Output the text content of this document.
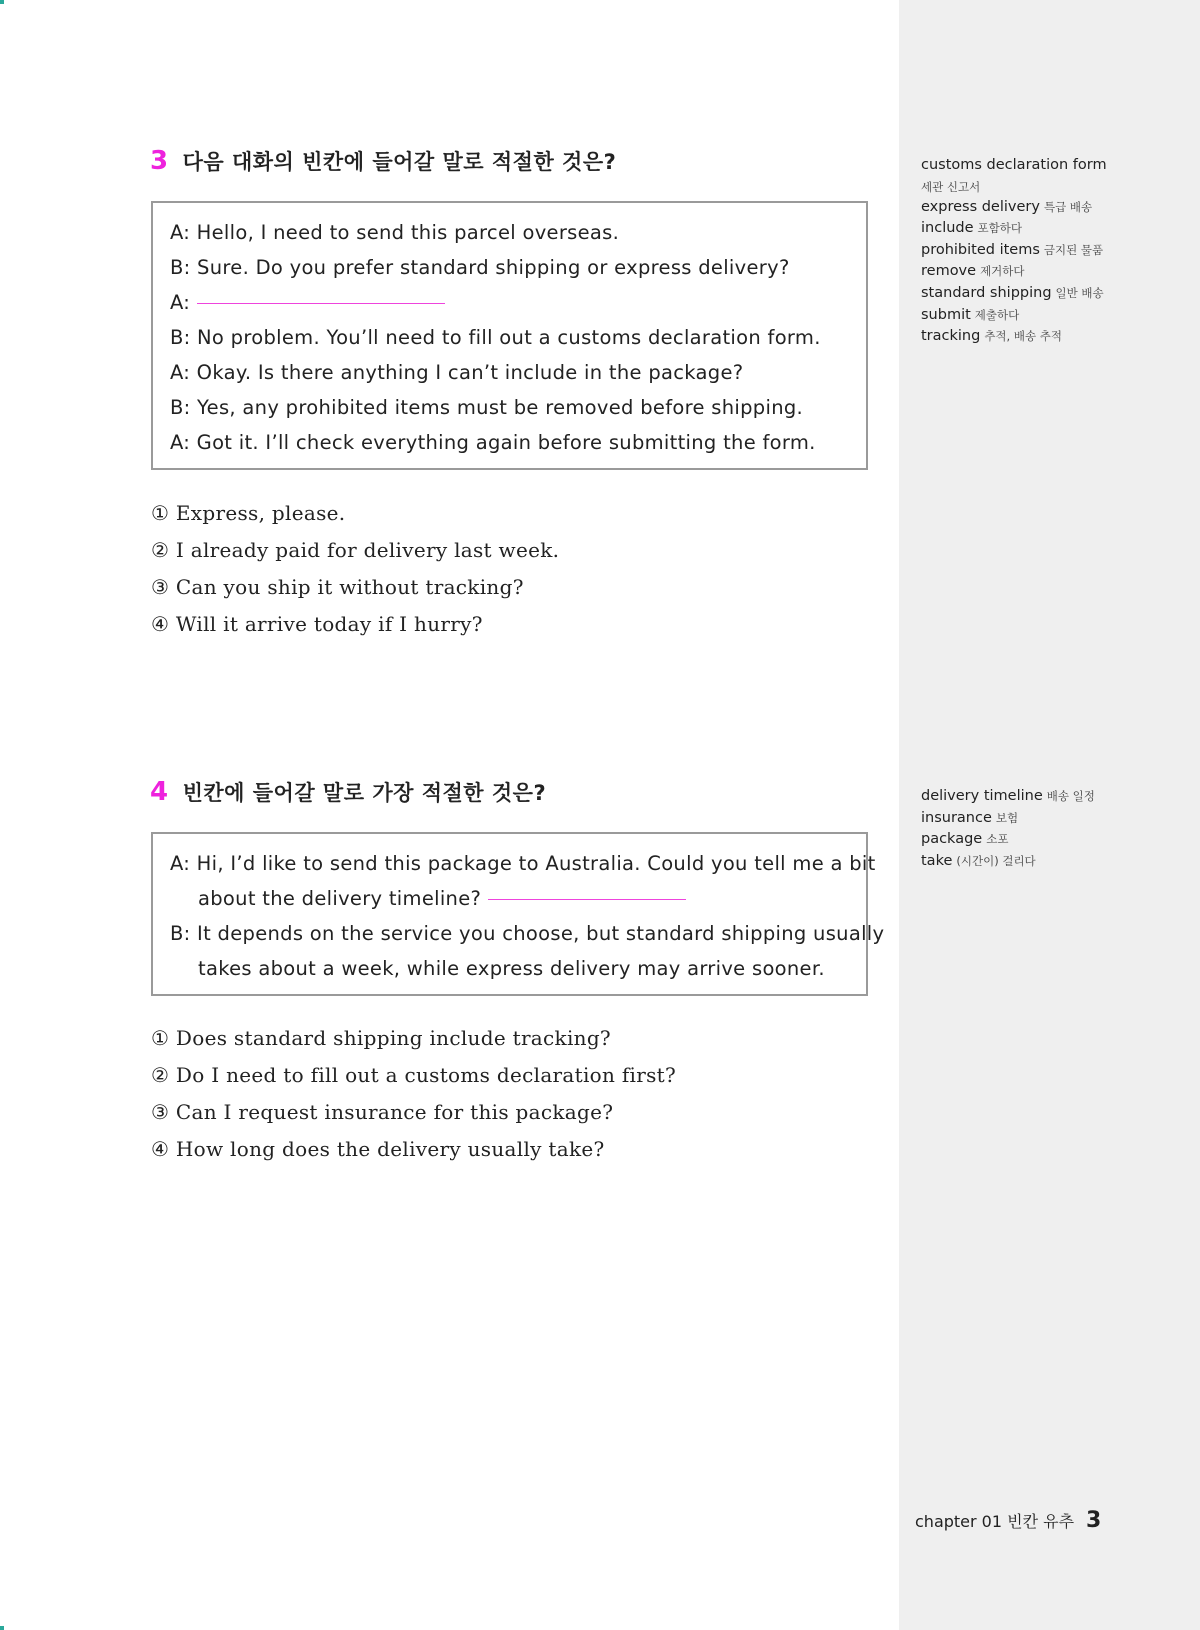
3 다음 대화의 빈칸에 들어갈 말로 적절한 것은?
A: Hello, I need to send this parcel overseas.
B: Sure. Do you prefer standard shipping or express delivery?
A:
B: No problem. You’ll need to fill out a customs declaration form.
A: Okay. Is there anything I can’t include in the package?
B: Yes, any prohibited items must be removed before shipping.
A: Got it. I’ll check everything again before submitting the form.
① Express, please.
② I already paid for delivery last week.
③ Can you ship it without tracking?
④ Will it arrive today if I hurry?
customs declaration form
세관 신고서
express delivery 특급 배송
include 포함하다
prohibited items 금지된 물품
remove 제거하다
standard shipping 일반 배송
submit 제출하다
tracking 추적, 배송 추적
4 빈칸에 들어갈 말로 가장 적절한 것은?
A: Hi, I’d like to send this package to Australia. Could you tell me a bit
about the delivery timeline?
B: It depends on the service you choose, but standard shipping usually
takes about a week, while express delivery may arrive sooner.
① Does standard shipping include tracking?
② Do I need to fill out a customs declaration first?
③ Can I request insurance for this package?
④ How long does the delivery usually take?
delivery timeline 배송 일정
insurance 보험
package 소포
take (시간이) 걸리다
chapter 01 빈칸 유추 3
